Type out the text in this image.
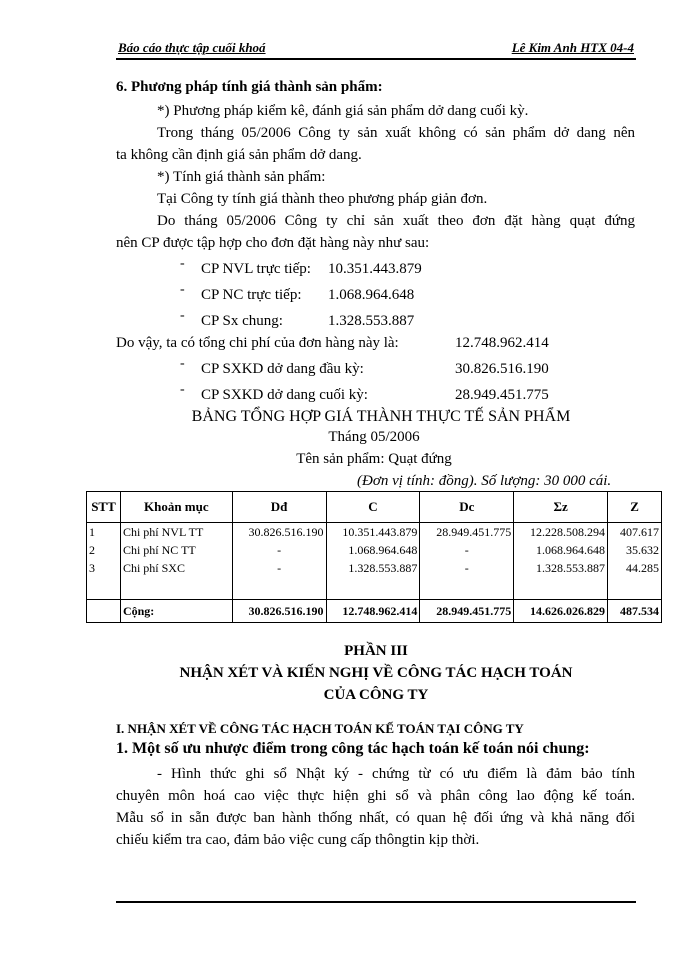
Báo cáo thực tập cuối khoá	Lê Kim Anh HTX 04-4
6. Phương pháp tính giá thành sản phẩm:
*) Phương pháp kiểm kê, đánh giá sản phẩm dở dang cuối kỳ.
Trong tháng 05/2006 Công ty sản xuất không có sản phẩm dở dang nên
ta không cần định giá sản phẩm dở dang.
*) Tính giá thành sản phẩm:
Tại Công ty tính giá thành theo phương pháp giản đơn.
Do tháng 05/2006 Công ty chỉ sản xuất theo đơn đặt hàng quạt đứng
nên CP được tập hợp cho đơn đặt hàng này như sau:
- CP NVL trực tiếp: 10.351.443.879
- CP NC trực tiếp: 1.068.964.648
- CP Sx chung:	1.328.553.887
Do vậy, ta có tổng chi phí của đơn hàng này là:	12.748.962.414
- CP SXKD dở dang đầu kỳ:	30.826.516.190
- CP SXKD dở dang cuối kỳ:	28.949.451.775
BẢNG TỔNG HỢP GIÁ THÀNH THỰC TẾ SẢN PHẨM
Tháng 05/2006
Tên sản phẩm: Quạt đứng
(Đơn vị tính: đồng). Số lượng: 30 000 cái.
STT	Khoản mục	Dđ	C	Dc	Σz	Z
1	Chi phí NVL TT	30.826.516.190	10.351.443.879	28.949.451.775	12.228.508.294	407.617
2	Chi phí NC TT	-	1.068.964.648	-	1.068.964.648	35.632
3	Chi phí SXC	-	1.328.553.887	-	1.328.553.887	44.285

	Cộng:	30.826.516.190	12.748.962.414	28.949.451.775	14.626.026.829	487.534
PHẦN III
NHẬN XÉT VÀ KIẾN NGHỊ VỀ CÔNG TÁC HẠCH TOÁN
CỦA CÔNG TY
I. NHẬN XÉT VỀ CÔNG TÁC HẠCH TOÁN KẾ TOÁN TẠI CÔNG TY
1. Một số ưu nhược điểm trong công tác hạch toán kế toán nói chung:
- Hình thức ghi sổ Nhật ký - chứng từ có ưu điểm là đảm bảo tính
chuyên môn hoá cao việc thực hiện ghi sổ và phân công lao động kế toán.
Mẫu sổ in sẵn được ban hành thống nhất, có quan hệ đối ứng và khả năng đối
chiếu kiểm tra cao, đảm bảo việc cung cấp thôngtin kịp thời.
